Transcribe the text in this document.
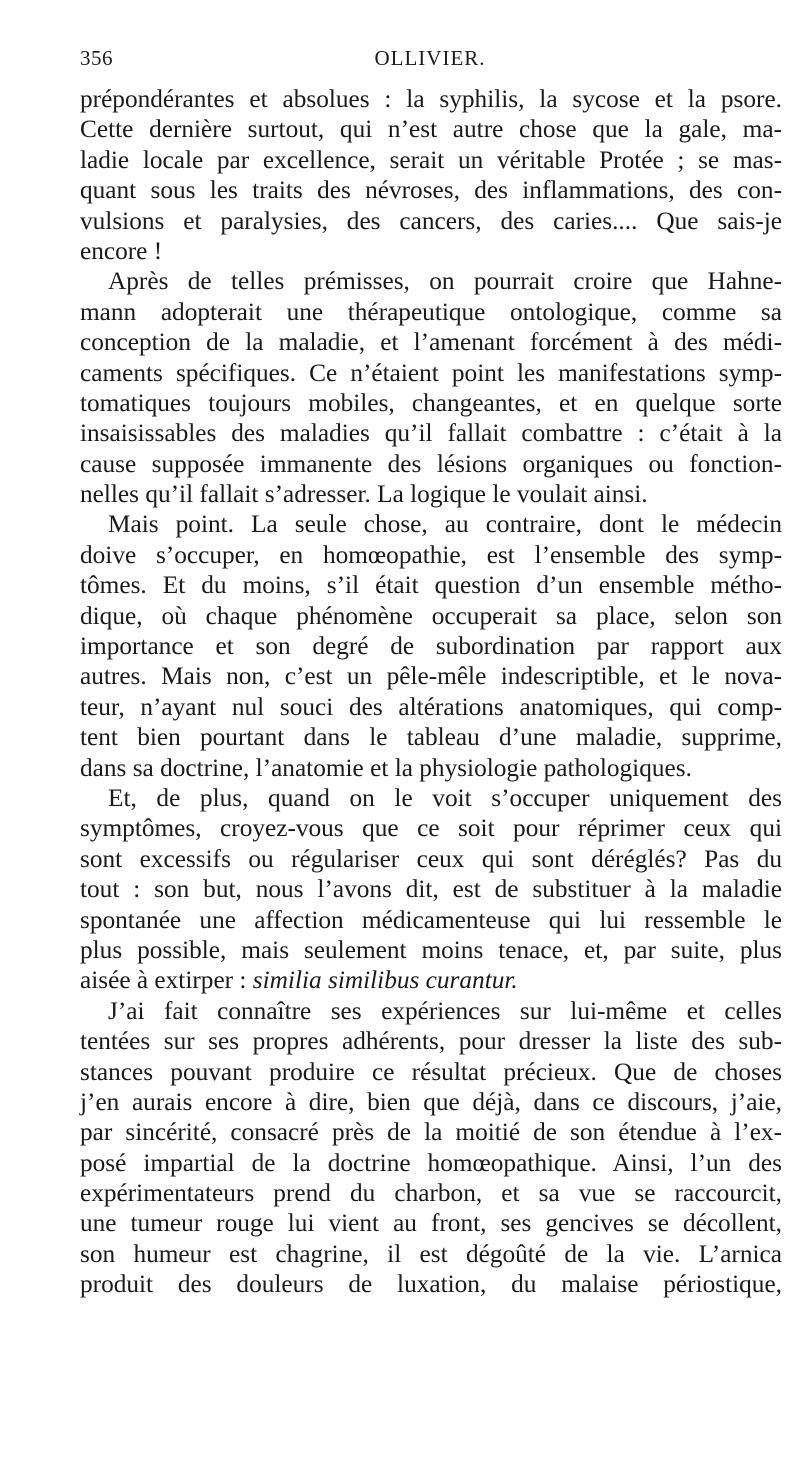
356	OLLIVIER.

prépondérantes et absolues : la syphilis, la sycose et la psore.
Cette dernière surtout, qui n’est autre chose que la gale, ma-
ladie locale par excellence, serait un véritable Protée ; se mas-
quant sous les traits des névroses, des inflammations, des con-
vulsions et paralysies, des cancers, des caries.... Que sais-je
encore !

Après de telles prémisses, on pourrait croire que Hahne-
mann adopterait une thérapeutique ontologique, comme sa
conception de la maladie, et l’amenant forcément à des médi-
caments spécifiques. Ce n’étaient point les manifestations symp-
tomatiques toujours mobiles, changeantes, et en quelque sorte
insaisissables des maladies qu’il fallait combattre : c’était à la
cause supposée immanente des lésions organiques ou fonction-
nelles qu’il fallait s’adresser. La logique le voulait ainsi.

Mais point. La seule chose, au contraire, dont le médecin
doive s’occuper, en homœopathie, est l’ensemble des symp-
tômes. Et du moins, s’il était question d’un ensemble métho-
dique, où chaque phénomène occuperait sa place, selon son
importance et son degré de subordination par rapport aux
autres. Mais non, c’est un pêle-mêle indescriptible, et le nova-
teur, n’ayant nul souci des altérations anatomiques, qui comp-
tent bien pourtant dans le tableau d’une maladie, supprime,
dans sa doctrine, l’anatomie et la physiologie pathologiques.

Et, de plus, quand on le voit s’occuper uniquement des
symptômes, croyez-vous que ce soit pour réprimer ceux qui
sont excessifs ou régulariser ceux qui sont déréglés? Pas du
tout : son but, nous l’avons dit, est de substituer à la maladie
spontanée une affection médicamenteuse qui lui ressemble le
plus possible, mais seulement moins tenace, et, par suite, plus
aisée à extirper : similia similibus curantur.

J’ai fait connaître ses expériences sur lui-même et celles
tentées sur ses propres adhérents, pour dresser la liste des sub-
stances pouvant produire ce résultat précieux. Que de choses
j’en aurais encore à dire, bien que déjà, dans ce discours, j’aie,
par sincérité, consacré près de la moitié de son étendue à l’ex-
posé impartial de la doctrine homœopathique. Ainsi, l’un des
expérimentateurs prend du charbon, et sa vue se raccourcit,
une tumeur rouge lui vient au front, ses gencives se décollent,
son humeur est chagrine, il est dégoûté de la vie. L’arnica
produit des douleurs de luxation, du malaise périostique,
